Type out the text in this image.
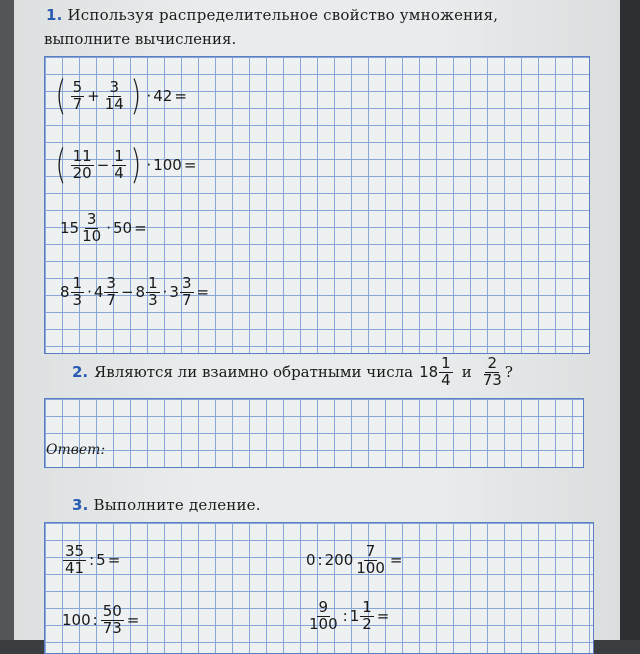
1. Используя распределительное свойство умножения,
выполните вычисления.
( $\frac{5}{7} + \frac{3}{14}$ ) · 42 =
( $\frac{11}{20} - \frac{1}{4}$ ) · 100 =
$15 \frac{3}{10} \cdot 50$ =
$8 \frac{1}{3} \cdot 4 \frac{3}{7} - 8 \frac{1}{3} \cdot 3 \frac{3}{7}$ =
2. Являются ли взаимно обратными числа $18 \frac{1}{4}$ и $\frac{2}{73}$ ?
Ответ:
3. Выполните деление.
$\frac{35}{41}$ : 5 =	0 : $200 \frac{7}{100}$ =
100 : $\frac{50}{73}$ =	$\frac{9}{100}$ : $1 \frac{1}{2}$ =
